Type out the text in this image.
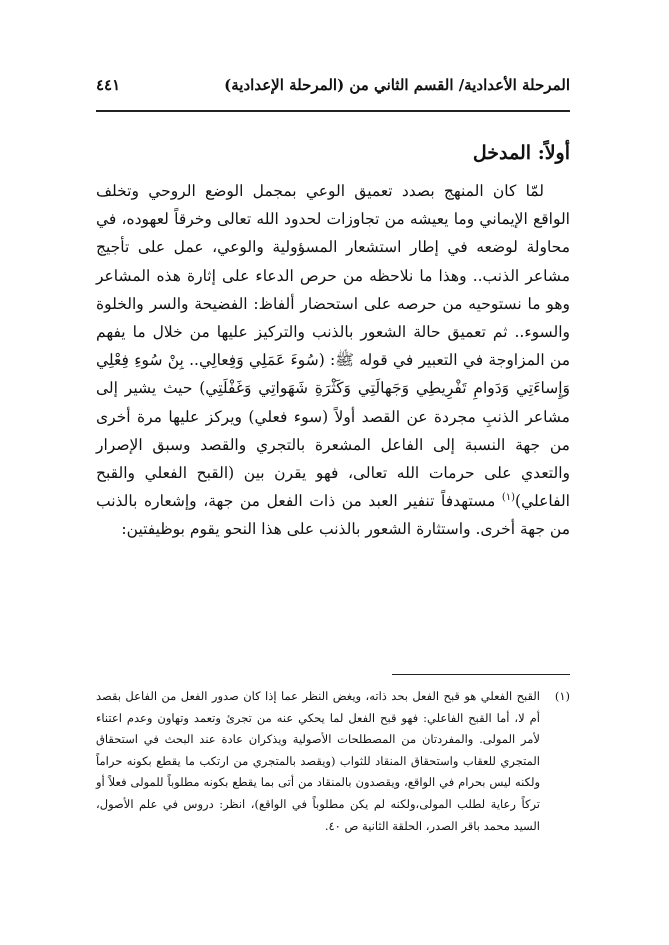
المرحلة الأعدادية/ القسم الثاني من (المرحلة الإعدادية)
٤٤١
أولاً: المدخل

لمّا كان المنهج بصدد تعميق الوعي بمجمل الوضع الروحي وتخلف الواقع الإيماني وما يعيشه من تجاوزات لحدود الله تعالى وخرقاً لعهوده، في محاولة لوضعه في إطار استشعار المسؤولية والوعي، عمل على تأجيج مشاعر الذنب.. وهذا ما نلاحظه من حرص الدعاء على إثارة هذه المشاعر وهو ما نستوحيه من حرصه على استحضار ألفاظ: الفضيحة والسر والخلوة والسوء.. ثم تعميق حالة الشعور بالذنب والتركيز عليها من خلال ما يفهم من المزاوجة في التعبير في قوله ﷺ: (سُوءَ عَمَلِي وَفِعالِي.. بِنْ سُوءِ فِعْلِي وَإِساءَتِي وَدَوامِ تَفْرِيطِي وَجَهالَتِي وَكَثْرَةِ شَهَواتِي وَغَفْلَتِي) حيث يشير إلى مشاعر الذنبِ مجردة عن القصد أولاً (سوء فعلي) ويركز عليها مرة أخرى من جهة النسبة إلى الفاعل المشعرة بالتجري والقصد وسبق الإصرار والتعدي على حرمات الله تعالى، فهو يقرن بين (القبح الفعلي والقبح الفاعلي)$^{(١)}$ مستهدفاً تنفير العبد من ذات الفعل من جهة، وإشعاره بالذنب من جهة أخرى. واستثارة الشعور بالذنب على هذا النحو يقوم بوظيفتين:

(١)
القبح الفعلي هو قبح الفعل بحد ذاته، ويغض النظر عما إذا كان صدور الفعل من الفاعل بقصد أم لا، أما القبح الفاعلي: فهو قبح الفعل لما يحكي عنه من تجرئ وتعمد وتهاون وعدم اعتناء لأمر المولى. والمفردتان من المصطلحات الأصولية ويذكران عادة عند البحث في استحقاق المتجري للعقاب واستحقاق المنقاد للثواب (ويقصد بالمتجري من ارتكب ما يقطع بكونه حراماً ولكنه ليس بحرام في الواقع، ويقصدون بالمنقاد من أتى بما يقطع بكونه مطلوباً للمولى فعلاً أو تركاً رعاية لطلب المولى،ولكنه لم يكن مطلوباً في الواقع)، انظر: دروس في علم الأصول، السيد محمد باقر الصدر، الحلقة الثانية ص ٤٠.
